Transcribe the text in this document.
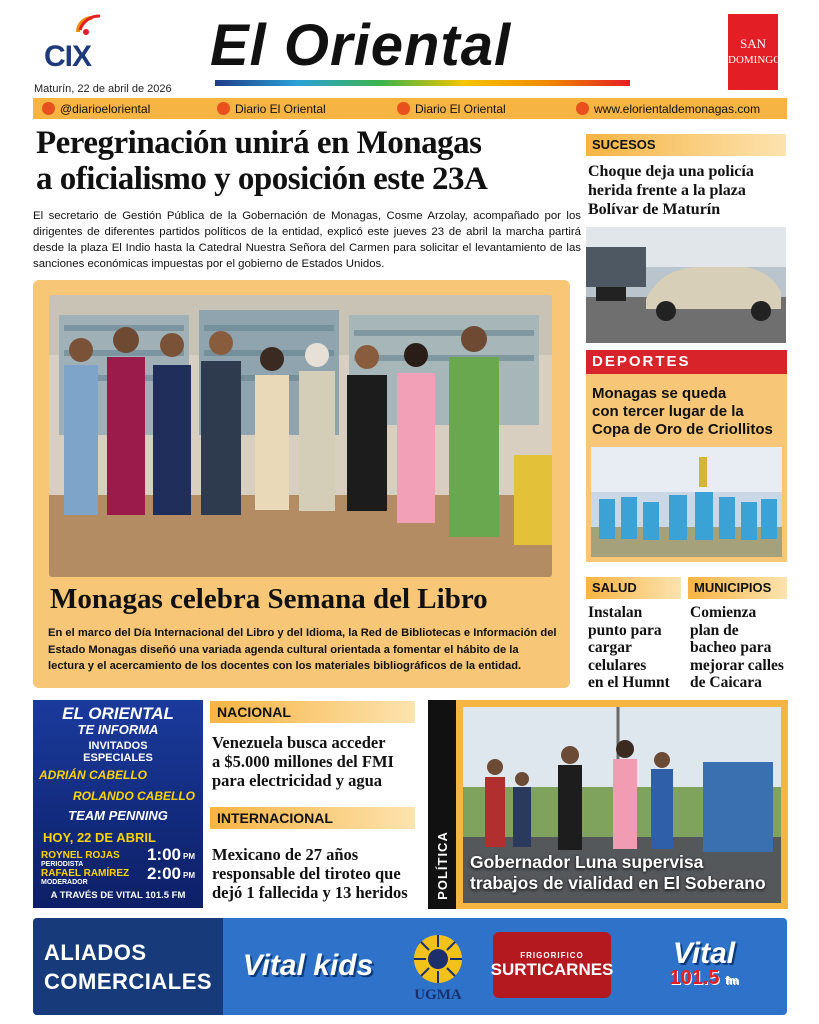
CIX El Oriental	SAN
DOMINGO
Maturín, 22 de abril de 2026
@diarioeloriental	Diario El Oriental	Diario El Oriental	www.elorientaldemonagas.com
Peregrinación unirá en Monagas
a oficialismo y oposición este 23A
El secretario de Gestión Pública de la Gobernación de Monagas, Cosme Arzolay, acompañado por los dirigentes de diferentes partidos políticos de la entidad, explicó este jueves 23 de abril la marcha partirá desde la plaza El Indio hasta la Catedral Nuestra Señora del Carmen para solicitar el levantamiento de las sanciones económicas impuestas por el gobierno de Estados Unidos.
Monagas celebra Semana del Libro
En el marco del Día Internacional del Libro y del Idioma, la Red de Bibliotecas e Información del Estado Monagas diseñó una variada agenda cultural orientada a fomentar el hábito de la lectura y el acercamiento de los docentes con los materiales bibliográficos de la entidad.
SUCESOS
Choque deja una policía
herida frente a la plaza
Bolívar de Maturín
DEPORTES
Monagas se queda
con tercer lugar de la
Copa de Oro de Criollitos
SALUD
Instalan
punto para
cargar
celulares
en el Humnt
MUNICIPIOS
Comienza
plan de
bacheo para
mejorar calles
de Caicara
EL ORIENTAL
TE INFORMA
INVITADOS
ESPECIALES
ADRIÁN CABELLO
ROLANDO CABELLO
TEAM PENNING
HOY, 22 DE ABRIL
ROYNEL ROJAS
PERIODISTA
1:00 PM
RAFAEL RAMÍREZ
MODERADOR	2:00 PM
A TRAVÉS DE VITAL 101.5 FM
NACIONAL
Venezuela busca acceder
a $5.000 millones del FMI
para electricidad y agua
INTERNACIONAL
Mexicano de 27 años
responsable del tiroteo que
dejó 1 fallecida y 13 heridos	POLÍTICA Gobernador Luna supervisa
trabajos de vialidad en El Soberano
Vital kids
UGMA
FRIGORIFICO
SURTICARNES Vital
101.5 fm
ALIADOS
COMERCIALES
